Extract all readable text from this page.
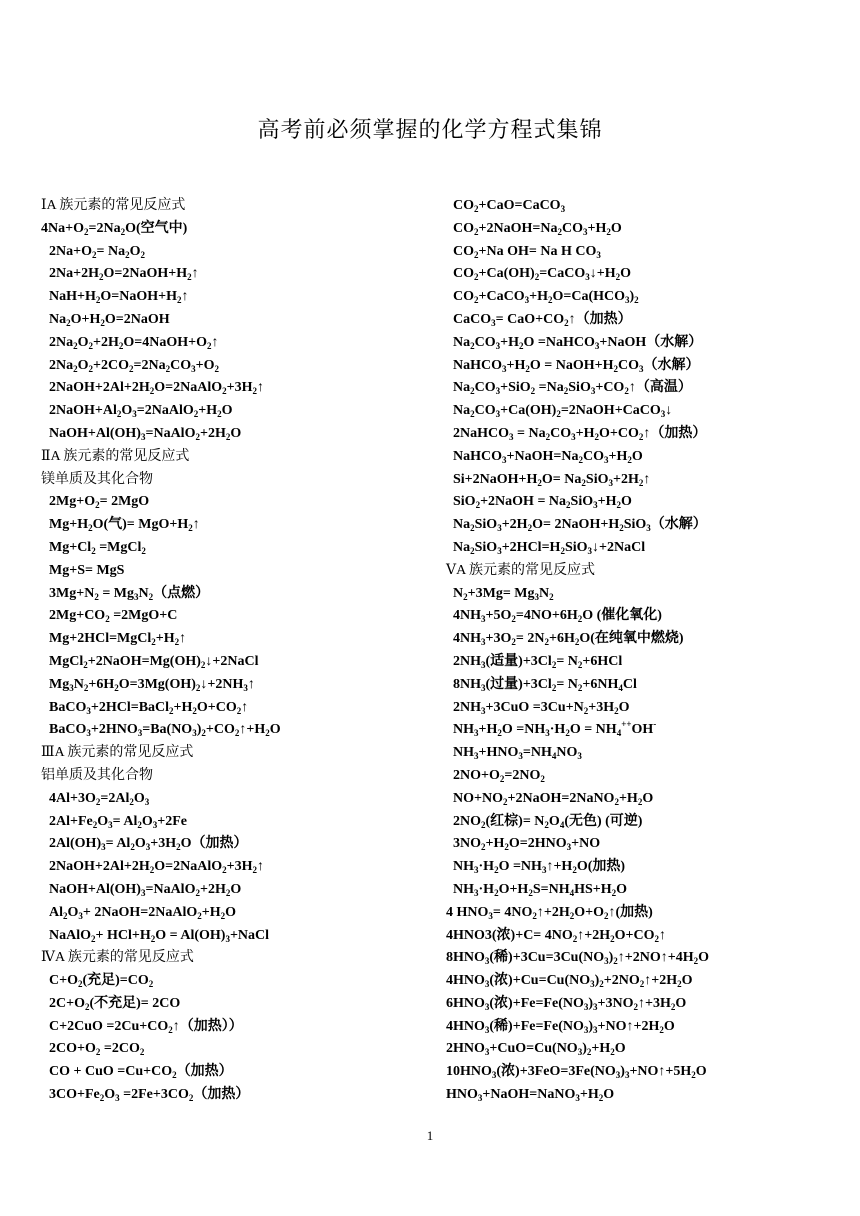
高考前必须掌握的化学方程式集锦
ⅠA 族元素的常见反应式
$4Na+O_2=2Na_2O$(空气中)
$2Na+O_2= Na_2O_2$
$2Na+2H_2O=2NaOH+H_2↑$
$NaH+H_2O=NaOH+H_2↑$
$Na_2O+H_2O=2NaOH$
$2Na_2O_2+2H_2O=4NaOH+O_2↑$
$2Na_2O_2+2CO_2=2Na_2CO_3+O_2$
$2NaOH+2Al+2H_2O=2NaAlO_2+3H_2↑$
$2NaOH+Al_2O_3=2NaAlO_2+H_2O$
$NaOH+Al(OH)_3=NaAlO_2+2H_2O$
ⅡA 族元素的常见反应式
镁单质及其化合物
$2Mg+O_2= 2MgO$
$Mg+H_2O$(气)= $MgO+H_2↑$
$Mg+Cl_2$ =MgCl$_2$
Mg+S= MgS
$3Mg+N_2 = Mg_3N_2$（点燃）
$2Mg+CO_2 =2MgO+C$
$Mg+2HCl=MgCl_2+H_2↑$
$MgCl_2+2NaOH=Mg(OH)_2↓+2NaCl$
$Mg_3N_2+6H_2O=3Mg(OH)_2↓+2NH_3↑$
$BaCO_3+2HCl=BaCl_2+H_2O+CO_2↑$
$BaCO_3+2HNO_3=Ba(NO_3)_2+CO_2↑+H_2O$
ⅢA 族元素的常见反应式
铝单质及其化合物
$4Al+3O_2=2Al_2O_3$
$2Al+Fe_2O_3= Al_2O_3+2Fe$
$2Al(OH)_3= Al_2O_3+3H_2O$（加热）
$2NaOH+2Al+2H_2O=2NaAlO_2+3H_2↑$
$NaOH+Al(OH)_3=NaAlO_2+2H_2O$
$Al_2O_3+$ $2NaOH=2NaAlO_2+H_2O$
NaAlO$_2$+ $HCl+H_2O$ = $Al(OH)_3+NaCl$
ⅣA 族元素的常见反应式
$C+O_2$(充足)$=CO_2$
$2C+O_2$(不充足)= 2CO
$C+2CuO =2Cu+CO_2↑$（加热））
$2CO+O_2 =2CO_2$
CO + CuO $=Cu+CO_2$（加热）
$3CO+Fe_2O_3 =2Fe+3CO_2$（加热）
$CO_2+CaO=CaCO_3$
$CO_2+2NaOH=Na_2CO_3+H_2O$
$CO_2+Na$ OH= Na H $CO_3$
$CO_2+Ca(OH)_2=CaCO_3↓+H_2O$
$CO_2+CaCO_3+H_2O=Ca(HCO_3)_2$
CaCO$_3$= $CaO+CO_2↑$（加热）
$Na_2CO_3+H_2O$ =NaHCO$_3$+NaOH（水解）
$NaHCO_3+H_2O$ = $NaOH+H_2CO_3$（水解）
$Na_2CO_3+SiO_2$ $=Na_2SiO_3+CO_2↑$（高温）
$Na_2CO_3+Ca(OH)_2=2NaOH+CaCO_3↓$
2NaHCO$_3$ = $Na_2CO_3+H_2O+CO_2↑$（加热）
$NaHCO_3+NaOH=Na_2CO_3+H_2O$
$Si+2NaOH+H_2O=$ $Na_2SiO_3+2H_2↑$
SiO$_2$+2NaOH = $Na_2SiO_3+H_2O$
$Na_2SiO_3+2H_2O=$ $2NaOH+H_2SiO_3$（水解）
$Na_2SiO_3+2HCl=H_2SiO_3↓+2NaCl$
ⅤA 族元素的常见反应式
$N_2+3Mg= Mg_3N_2$
$4NH_3+5O_2=4NO+6H_2O$ (催化氧化)
$4NH_3+3O_2= 2N_2+6H_2O$(在纯氧中燃烧)
$2NH_3$(适量)$+3Cl_2= N_2+6HCl$
$8NH_3$(过量)$+3Cl_2= N_2+6NH_4Cl$
$2NH_3+3CuO =3Cu+N_2+3H_2O$
$NH_3+H_2O =NH_3\cdot H_2O = NH_4^{++}OH^-$
$NH_3+HNO_3=NH_4NO_3$
$2NO+O_2=2NO_2$
$NO+NO_2+2NaOH=2NaNO_2+H_2O$
$2NO_2$(红棕)= $N_2O_4$(无色) (可逆)
$3NO_2+H_2O=2HNO_3+NO$
$NH_3\cdot H_2O$ $=NH_3↑+H_2O$(加热)
$NH_3\cdot H_2O+H_2S=NH_4HS+H_2O$
4 $HNO_3=$ $4NO_2↑+2H_2O+O_2↑$(加热)
4HNO3(浓)$+C= 4NO_2↑+2H_2O+CO_2↑$
$8HNO_3$(稀)$+3Cu=3Cu(NO_3)_2↑+2NO↑+4H_2O$
$4HNO_3$(浓)$+Cu=Cu(NO_3)_2+2NO_2↑+2H_2O$
$6HNO_3$(浓)$+Fe=Fe(NO_3)_3+3NO_2↑+3H_2O$
$4HNO_3$(稀)$+Fe=Fe(NO_3)_3+NO↑+2H_2O$
$2HNO_3+CuO=Cu(NO_3)_2+H_2O$
$10HNO_3$(浓)$+3FeO=3Fe(NO_3)_3+NO↑+5H_2O$
$HNO_3+NaOH=NaNO_3+H_2O$
1
